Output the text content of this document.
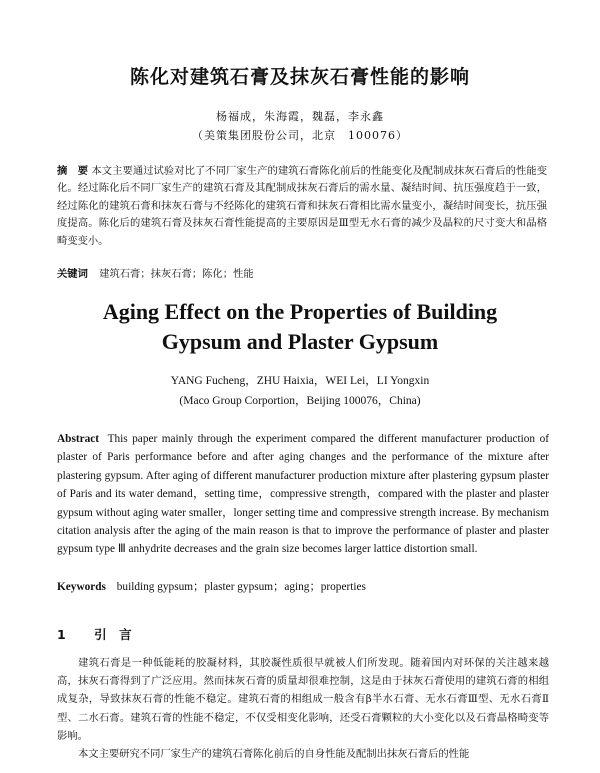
陈化对建筑石膏及抹灰石膏性能的影响
杨福成，朱海霞，魏磊，李永鑫
（美策集团股份公司，北京　100076）
摘　要 本文主要通过试验对比了不同厂家生产的建筑石膏陈化前后的性能变化及配制成抹灰石膏后的性能变化。经过陈化后不同厂家生产的建筑石膏及其配制成抹灰石膏后的需水量、凝结时间、抗压强度趋于一致，经过陈化的建筑石膏和抹灰石膏与不经陈化的建筑石膏和抹灰石膏相比需水量变小，凝结时间变长，抗压强度提高。陈化后的建筑石膏及抹灰石膏性能提高的主要原因是Ⅲ型无水石膏的减少及晶粒的尺寸变大和晶格畸变变小。
关键词 建筑石膏；抹灰石膏；陈化；性能
Aging Effect on the Properties of Building
Gypsum and Plaster Gypsum
YANG Fucheng，ZHU Haixia，WEI Lei，LI Yongxin
(Maco Group Corportion，Beijing 100076，China)
Abstract This paper mainly through the experiment compared the different manufacturer production of plaster of Paris performance before and after aging changes and the performance of the mixture after plastering gypsum. After aging of different manufacturer production mixture after plastering gypsum plaster of Paris and its water demand，setting time，compressive strength，compared with the plaster and plaster gypsum without aging water smaller，longer setting time and compressive strength increase. By mechanism citation analysis after the aging of the main reason is that to improve the performance of plaster and plaster gypsum type Ⅲ anhydrite decreases and the grain size becomes larger lattice distortion small.
Keywords building gypsum；plaster gypsum；aging；properties
1 引　言

建筑石膏是一种低能耗的胶凝材料，其胶凝性质很早就被人们所发现。随着国内对环保的关注越来越高，抹灰石膏得到了广泛应用。然而抹灰石膏的质量却很难控制，这是由于抹灰石膏使用的建筑石膏的相组成复杂，导致抹灰石膏的性能不稳定。建筑石膏的相组成一般含有β半水石膏、无水石膏Ⅲ型、无水石膏Ⅱ型、二水石膏。建筑石膏的性能不稳定，不仅受相变化影响，还受石膏颗粒的大小变化以及石膏晶格畸变等影响。

本文主要研究不同厂家生产的建筑石膏陈化前后的自身性能及配制出抹灰石膏后的性能
